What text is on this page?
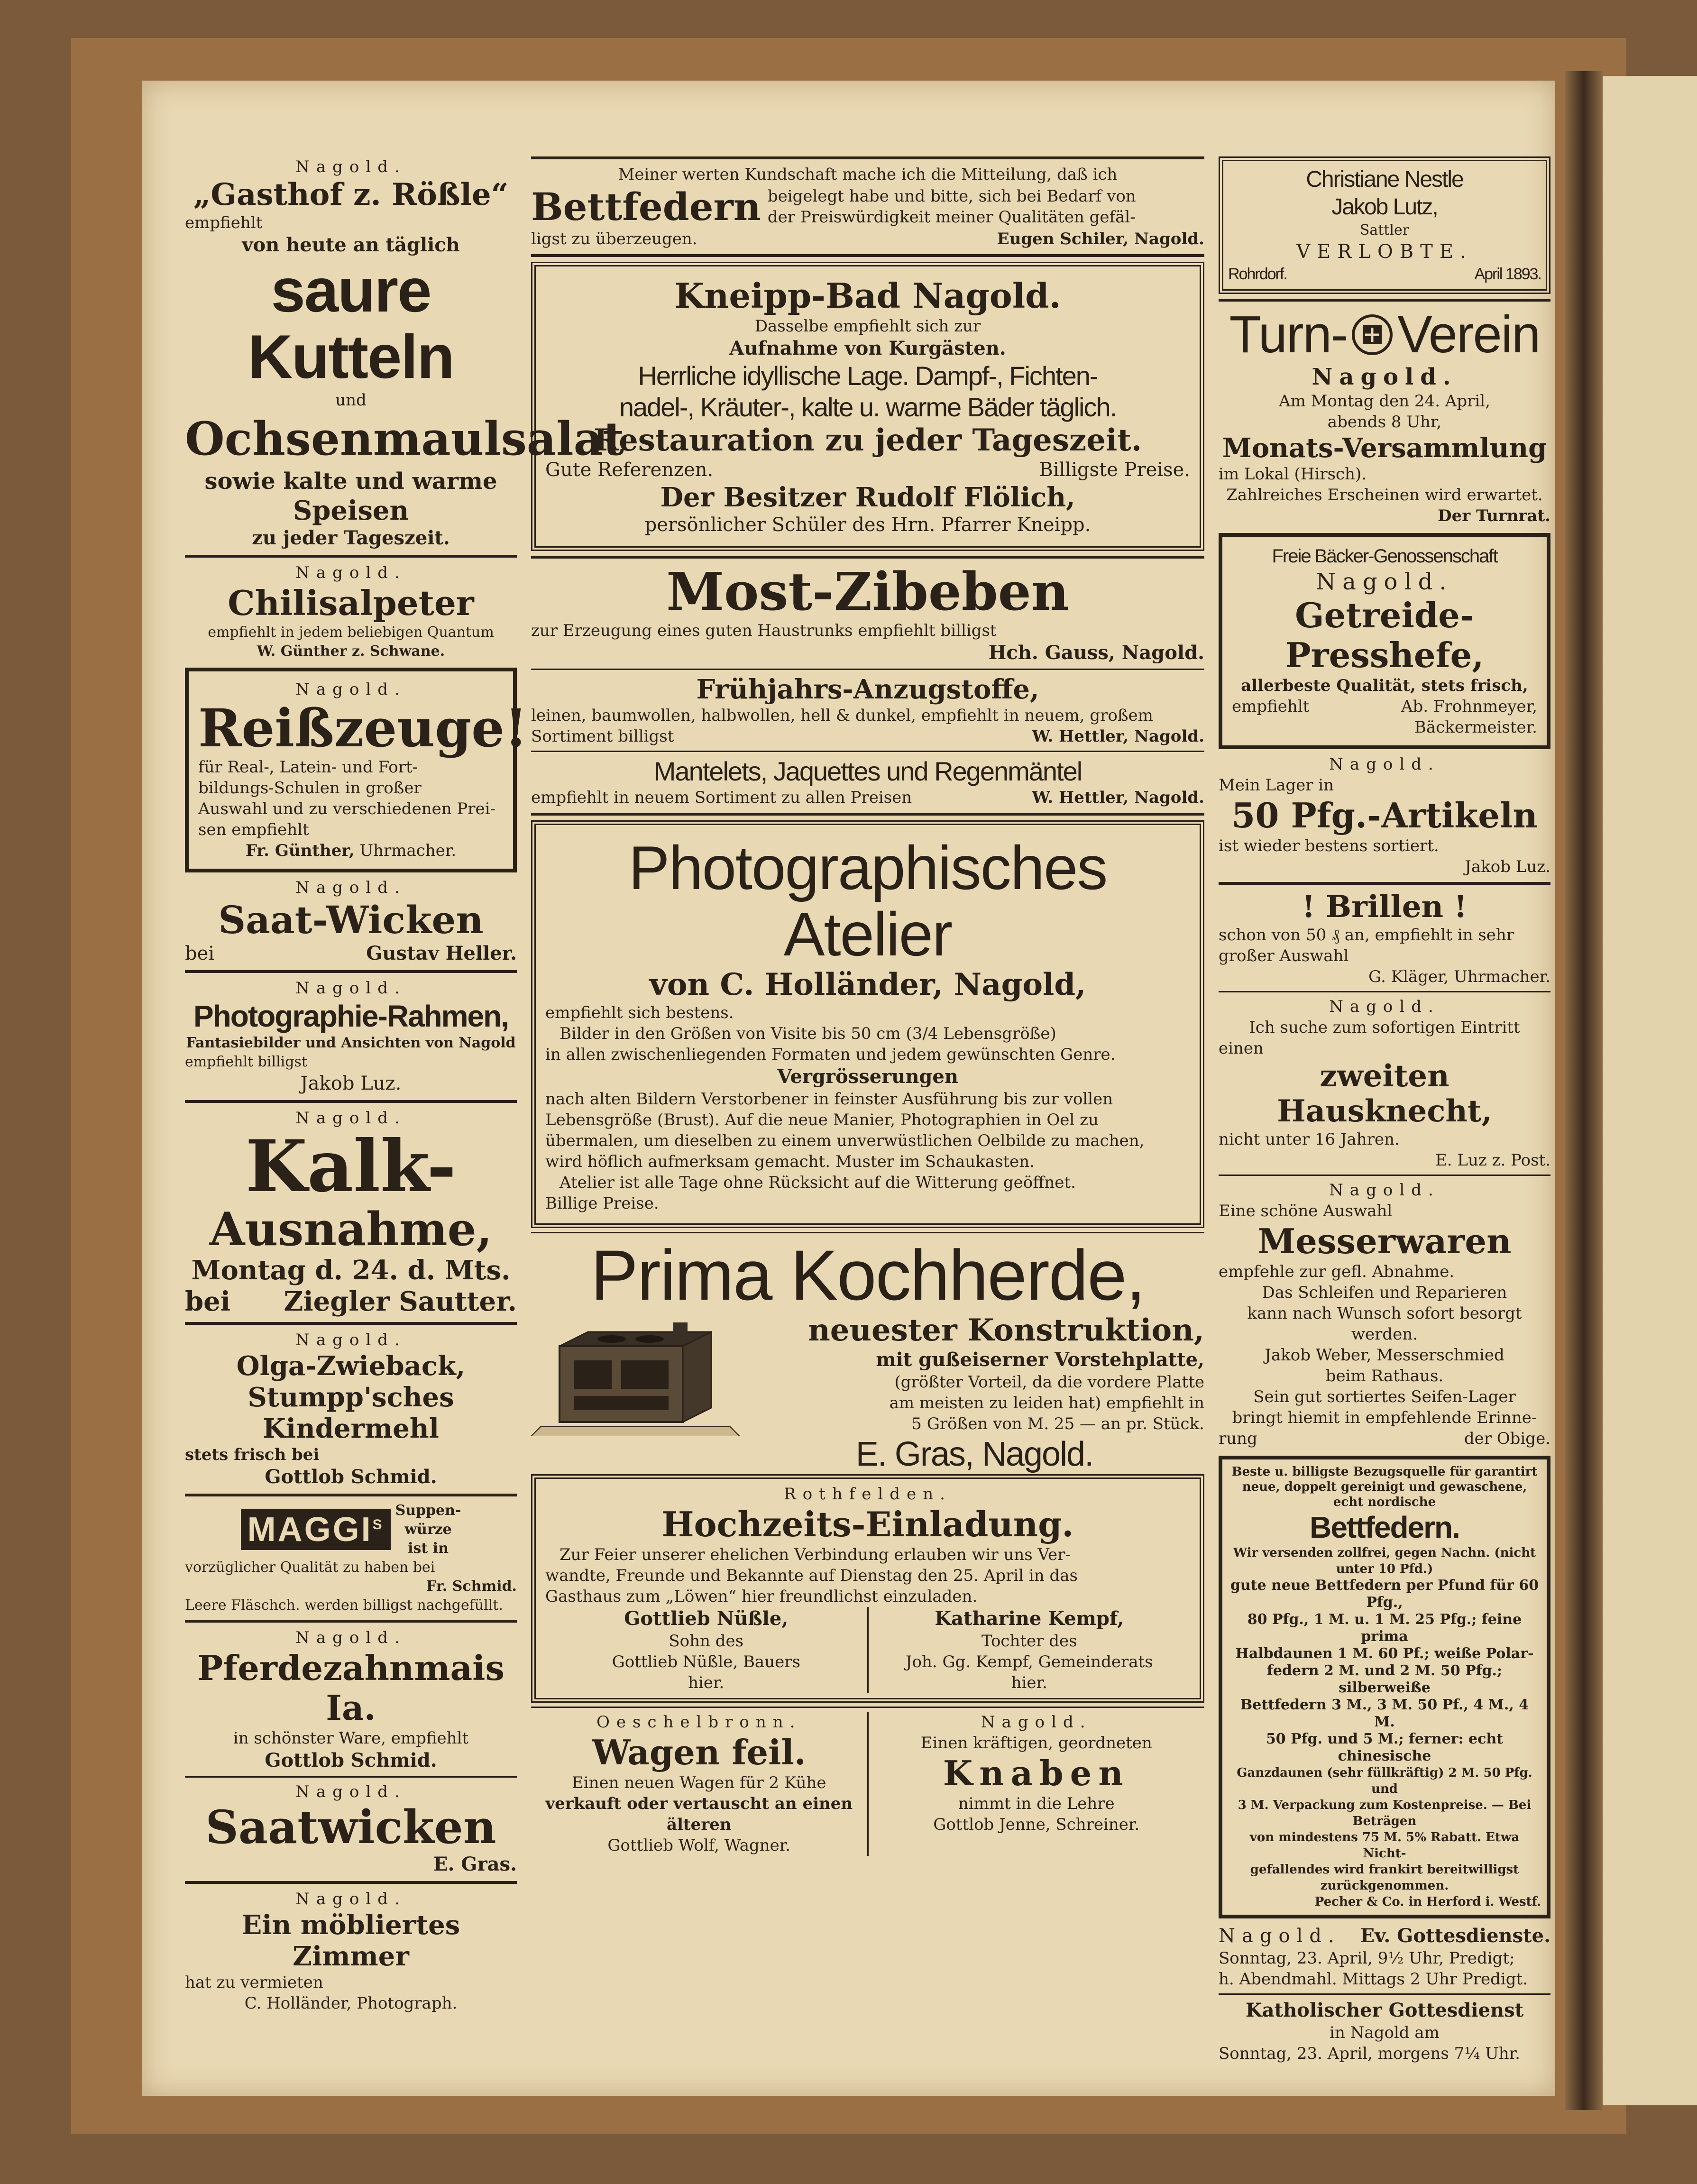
Nagold.
„Gasthof z. Rößle“
empfiehlt
von heute an täglich
saure Kutteln
und
Ochsenmaulsalat
sowie kalte und warme
Speisen
zu jeder Tageszeit.
Nagold.
Chilisalpeter
empfiehlt in jedem beliebigen Quantum
W. Günther z. Schwane.
Nagold.
Reißzeuge!
für Real-, Latein- und Fort-
bildungs-Schulen in großer
Auswahl und zu verschiedenen Prei-
sen empfiehlt
Fr. Günther, Uhrmacher.
Nagold.
Saat-Wicken
bei	Gustav Heller.
Nagold.
Photographie-Rahmen,
Fantasiebilder und Ansichten von Nagold
empfiehlt billigst
Jakob Luz.
Nagold.
Kalk-
Ausnahme,
Montag d. 24. d. Mts.
bei Ziegler Sautter.
Nagold.
Olga-Zwieback,
Stumpp'sches Kindermehl
stets frisch bei
Gottlob Schmid.
$MAGGI^S$
Suppen-
würze
ist in
vorzüglicher Qualität zu haben bei
Fr. Schmid.
Leere Fläschch. werden billigst nachgefüllt.
Nagold.
Pferdezahnmais Ia.
in schönster Ware, empfiehlt
Gottlob Schmid.
Nagold.
Saatwicken
E. Gras.
Nagold.
Ein möbliertes Zimmer
hat zu vermieten
C. Holländer, Photograph.
Meiner werten Kundschaft mache ich die Mitteilung, daß ich
Bettfedern beigelegt habe und bitte, sich bei Bedarf von
der Preiswürdigkeit meiner Qualitäten gefäl-
ligst zu überzeugen.	Eugen Schiler, Nagold.
Kneipp-Bad Nagold.
Dasselbe empfiehlt sich zur
Aufnahme von Kurgästen.
Herrliche idyllische Lage. Dampf-, Fichten-
nadel-, Kräuter-, kalte u. warme Bäder täglich.
Restauration zu jeder Tageszeit.
Gute Referenzen.	Billigste Preise.
Der Besitzer Rudolf Flölich,
persönlicher Schüler des Hrn. Pfarrer Kneipp.
Most-Zibeben
zur Erzeugung eines guten Haustrunks empfiehlt billigst
Hch. Gauss, Nagold.
Frühjahrs-Anzugstoffe,
leinen, baumwollen, halbwollen, hell & dunkel, empfiehlt in neuem, großem
Sortiment billigst	W. Hettler, Nagold.
Mantelets, Jaquettes und Regenmäntel
empfiehlt in neuem Sortiment zu allen Preisen	W. Hettler, Nagold.
Photographisches Atelier
von C. Holländer, Nagold,
empfiehlt sich bestens.
Bilder in den Größen von Visite bis 50 cm (3/4 Lebensgröße)
in allen zwischenliegenden Formaten und jedem gewünschten Genre.
Vergrösserungen
nach alten Bildern Verstorbener in feinster Ausführung bis zur vollen
Lebensgröße (Brust). Auf die neue Manier, Photographien in Oel zu
übermalen, um dieselben zu einem unverwüstlichen Oelbilde zu machen,
wird höflich aufmerksam gemacht. Muster im Schaukasten.
Atelier ist alle Tage ohne Rücksicht auf die Witterung geöffnet.
Billige Preise.
Prima Kochherde,
neuester Konstruktion,
mit gußeiserner Vorstehplatte,
(größter Vorteil, da die vordere Platte
am meisten zu leiden hat) empfiehlt in
5 Größen von M. 25 — an pr. Stück.
E. Gras, Nagold.
Rothfelden.
Hochzeits-Einladung.
Zur Feier unserer ehelichen Verbindung erlauben wir uns Ver-
wandte, Freunde und Bekannte auf Dienstag den 25. April in das
Gasthaus zum „Löwen“ hier freundlichst einzuladen.
Gottlieb Nüßle,
Sohn des
Gottlieb Nüßle, Bauers
hier.
Katharine Kempf,
Tochter des
Joh. Gg. Kempf, Gemeinderats
hier.
Oeschelbronn.
Wagen feil.
Einen neuen Wagen für 2 Kühe
verkauft oder vertauscht an einen älteren
Gottlieb Wolf, Wagner.
Nagold.
Einen kräftigen, geordneten
Knaben
nimmt in die Lehre
Gottlob Jenne, Schreiner.
Christiane Nestle
Jakob Lutz,
Sattler
VERLOBTE.
Rohrdorf.	April 1893.
Turn- Verein
Nagold.
Am Montag den 24. April,
abends 8 Uhr,
Monats-Versammlung
im Lokal (Hirsch).
Zahlreiches Erscheinen wird erwartet.
Der Turnrat.
Freie Bäcker-Genossenschaft
Nagold.
Getreide-
Presshefe,
allerbeste Qualität, stets frisch,
empfiehlt	Ab. Frohnmeyer,
Bäckermeister.
Nagold.
Mein Lager in
50 Pfg.-Artikeln
ist wieder bestens sortiert.
Jakob Luz.
! Brillen !
schon von 50 ₰ an, empfiehlt in sehr
großer Auswahl
G. Kläger, Uhrmacher.
Nagold.
Ich suche zum sofortigen Eintritt
einen
zweiten Hausknecht,
nicht unter 16 Jahren.
E. Luz z. Post.
Nagold.
Eine schöne Auswahl
Messerwaren
empfehle zur gefl. Abnahme.
Das Schleifen und Reparieren
kann nach Wunsch sofort besorgt werden.
Jakob Weber, Messerschmied
beim Rathaus.
Sein gut sortiertes Seifen-Lager
bringt hiemit in empfehlende Erinne-
rung	der Obige.
Beste u. billigste Bezugsquelle für garantirt
neue, doppelt gereinigt und gewaschene, echt nordische
Bettfedern.
Wir versenden zollfrei, gegen Nachn. (nicht unter 10 Pfd.)
gute neue Bettfedern per Pfund für 60 Pfg.,
80 Pfg., 1 M. u. 1 M. 25 Pfg.; feine prima
Halbdaunen 1 M. 60 Pf.; weiße Polar-
federn 2 M. und 2 M. 50 Pfg.; silberweiße
Bettfedern 3 M., 3 M. 50 Pf., 4 M., 4 M.
50 Pfg. und 5 M.; ferner: echt chinesische
Ganzdaunen (sehr füllkräftig) 2 M. 50 Pfg. und
3 M. Verpackung zum Kostenpreise. — Bei Beträgen
von mindestens 75 M. 5% Rabatt. Etwa Nicht-
gefallendes wird frankirt bereitwilligst
zurückgenommen.
Pecher & Co. in Herford i. Westf.
Nagold. Ev. Gottesdienste.
Sonntag, 23. April, 9½ Uhr, Predigt;
h. Abendmahl. Mittags 2 Uhr Predigt.
Katholischer Gottesdienst
in Nagold am
Sonntag, 23. April, morgens 7¼ Uhr.
